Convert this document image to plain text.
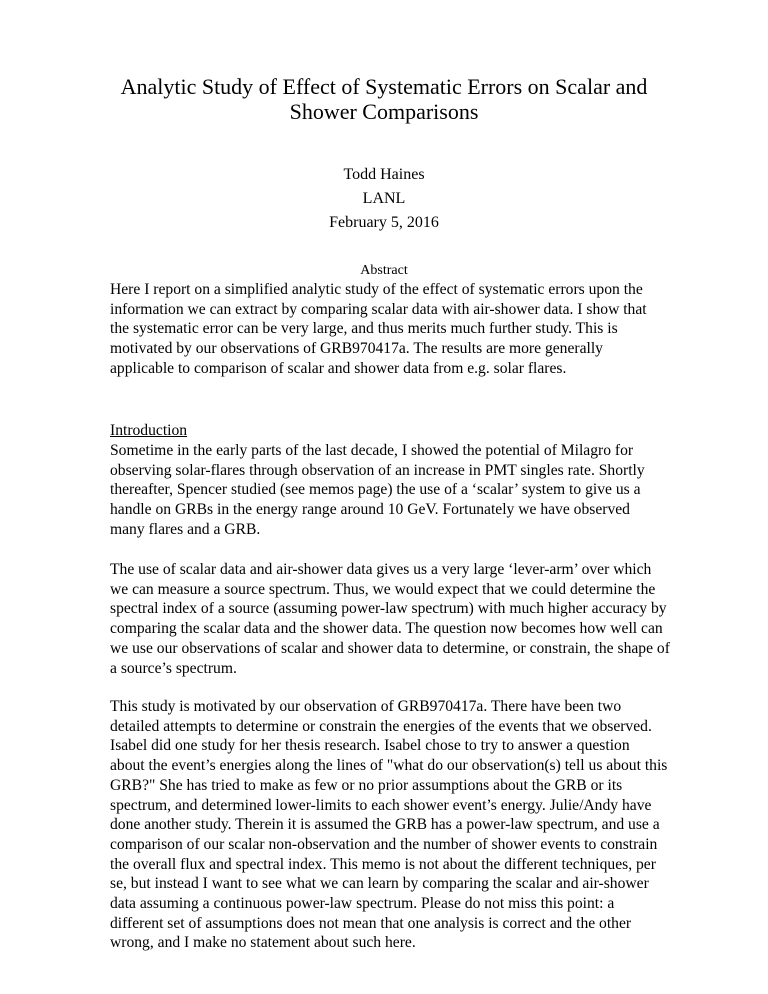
Analytic Study of Effect of Systematic Errors on Scalar and
Shower Comparisons
Todd Haines
LANL
February 5, 2016
Abstract
Here I report on a simplified analytic study of the effect of systematic errors upon the
information we can extract by comparing scalar data with air-shower data. I show that
the systematic error can be very large, and thus merits much further study. This is
motivated by our observations of GRB970417a. The results are more generally
applicable to comparison of scalar and shower data from e.g. solar flares.
Introduction
Sometime in the early parts of the last decade, I showed the potential of Milagro for
observing solar-flares through observation of an increase in PMT singles rate. Shortly
thereafter, Spencer studied (see memos page) the use of a ‘scalar’ system to give us a
handle on GRBs in the energy range around 10 GeV. Fortunately we have observed
many flares and a GRB.
The use of scalar data and air-shower data gives us a very large ‘lever-arm’ over which
we can measure a source spectrum. Thus, we would expect that we could determine the
spectral index of a source (assuming power-law spectrum) with much higher accuracy by
comparing the scalar data and the shower data. The question now becomes how well can
we use our observations of scalar and shower data to determine, or constrain, the shape of
a source’s spectrum.
This study is motivated by our observation of GRB970417a. There have been two
detailed attempts to determine or constrain the energies of the events that we observed.
Isabel did one study for her thesis research. Isabel chose to try to answer a question
about the event’s energies along the lines of "what do our observation(s) tell us about this
GRB?" She has tried to make as few or no prior assumptions about the GRB or its
spectrum, and determined lower-limits to each shower event’s energy. Julie/Andy have
done another study. Therein it is assumed the GRB has a power-law spectrum, and use a
comparison of our scalar non-observation and the number of shower events to constrain
the overall flux and spectral index. This memo is not about the different techniques, per
se, but instead I want to see what we can learn by comparing the scalar and air-shower
data assuming a continuous power-law spectrum. Please do not miss this point: a
different set of assumptions does not mean that one analysis is correct and the other
wrong, and I make no statement about such here.
